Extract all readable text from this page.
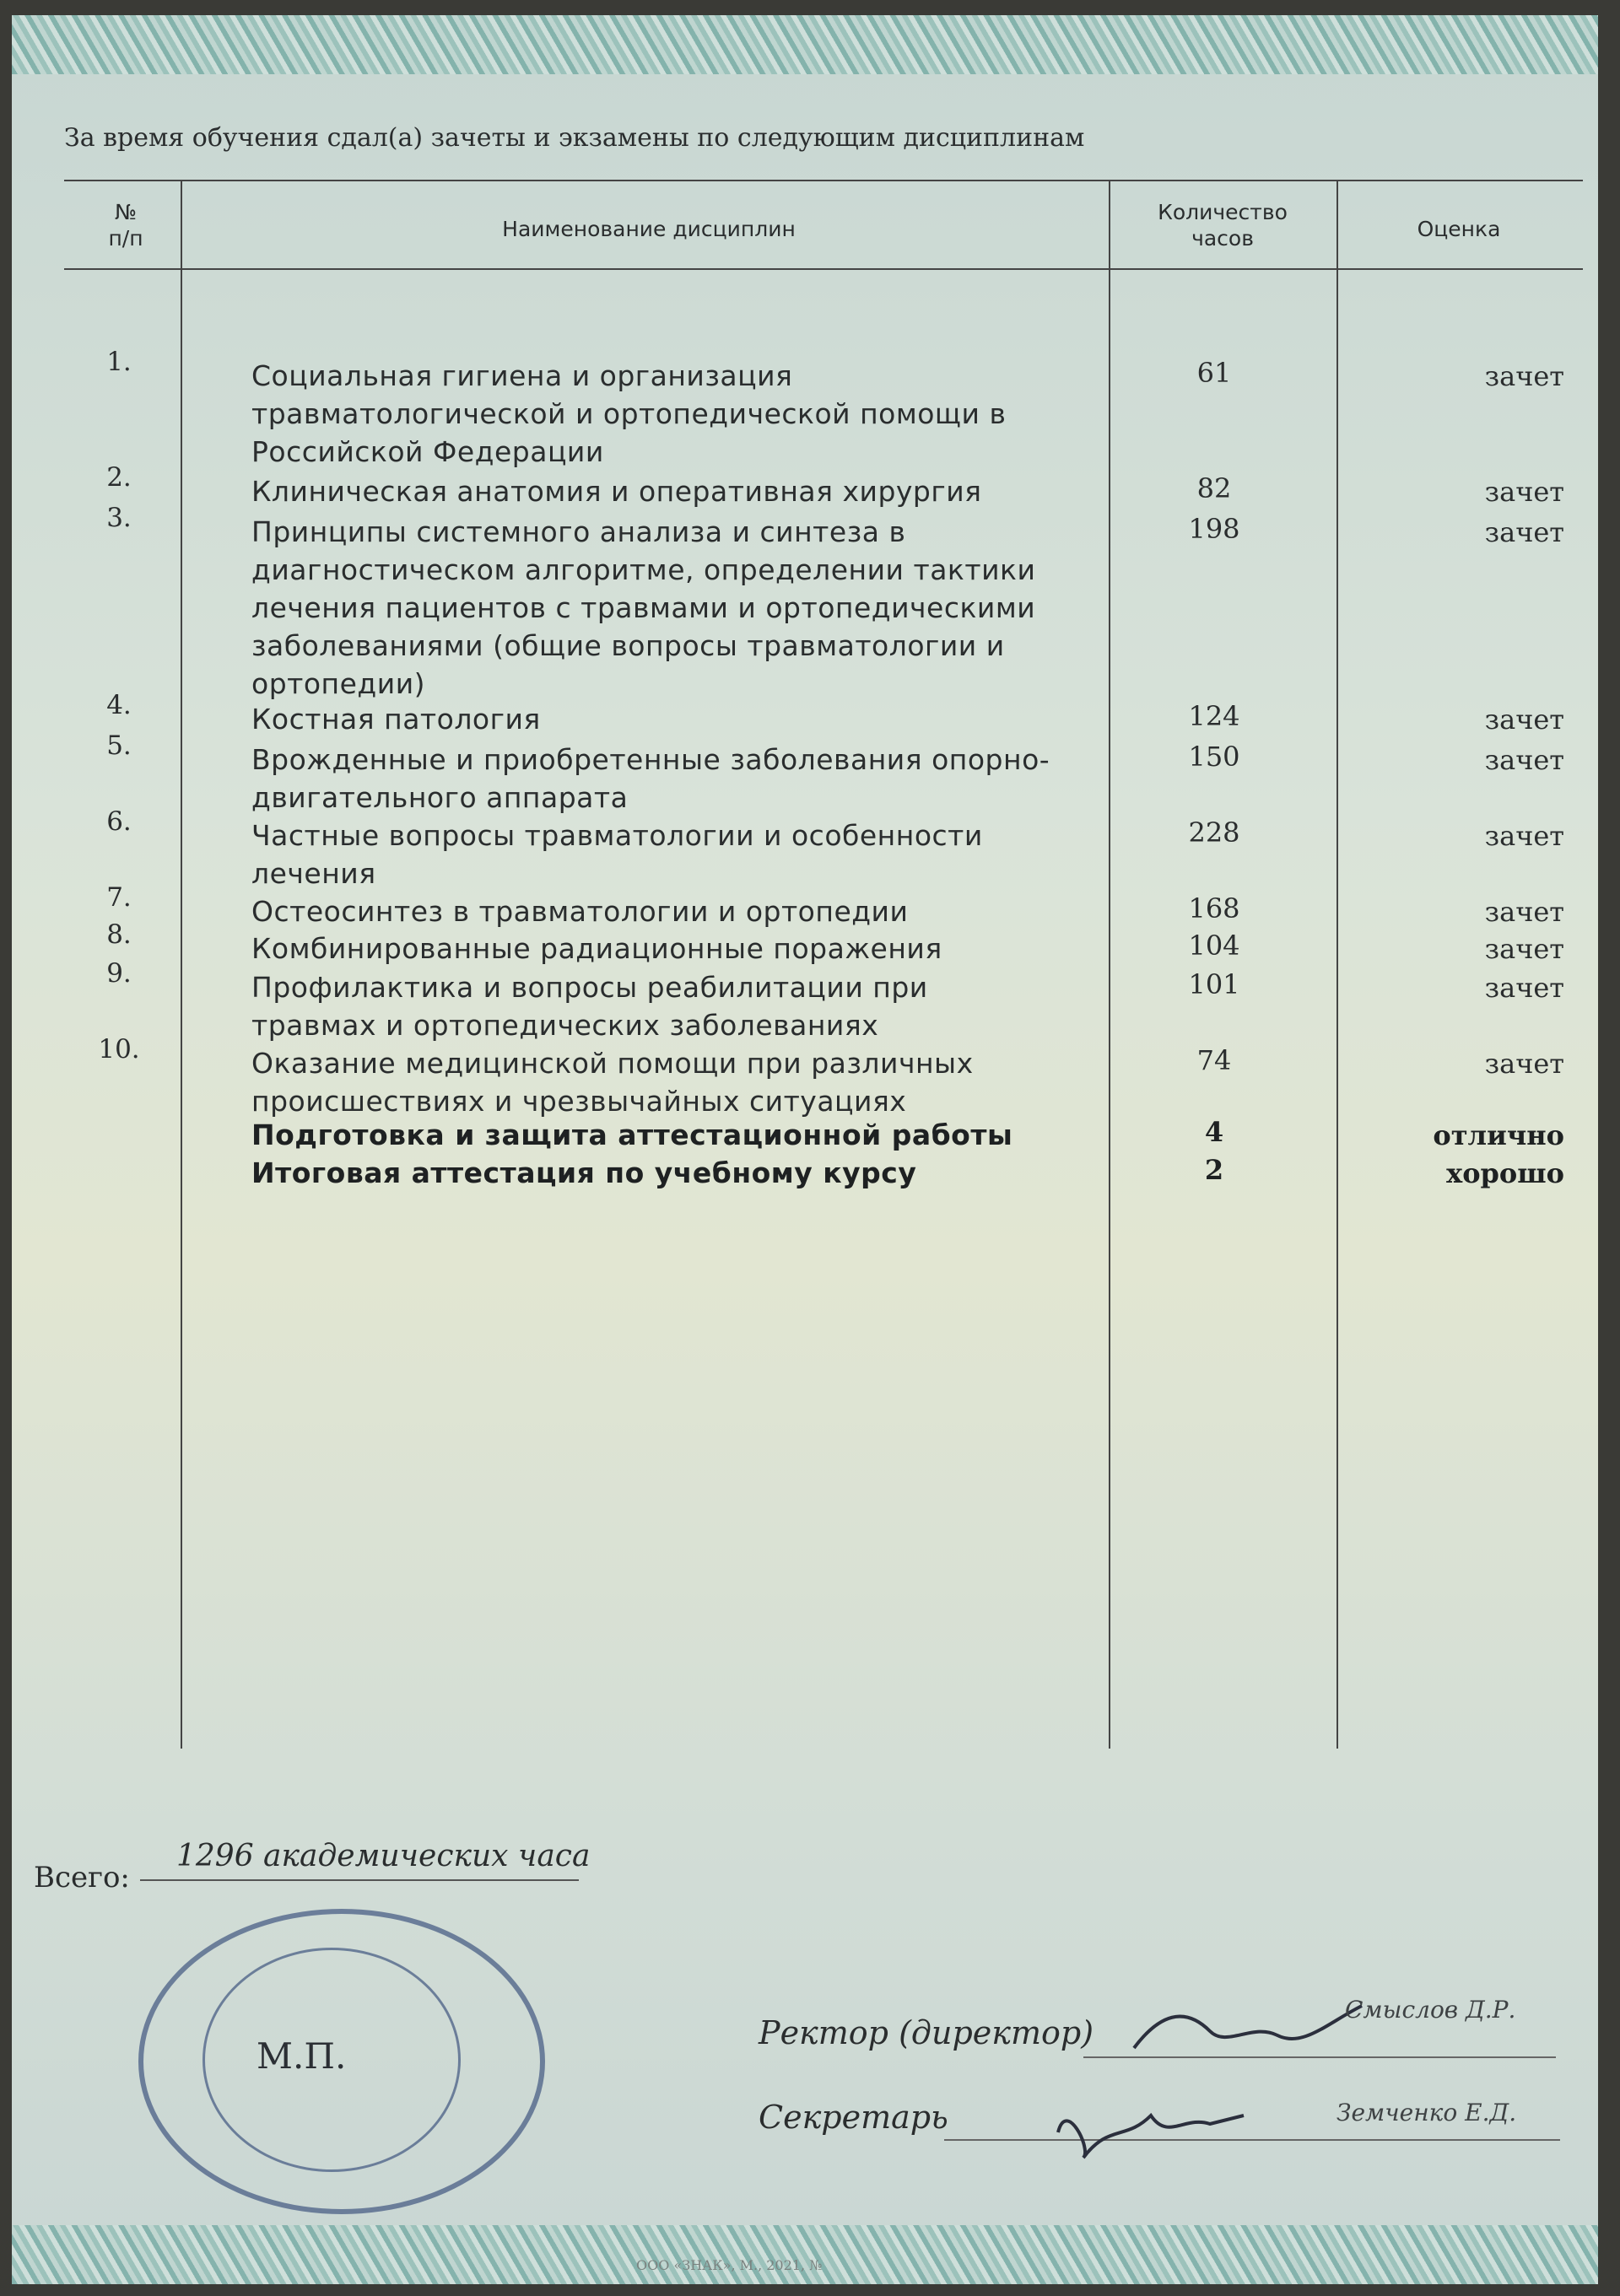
За время обучения сдал(а) зачеты и экзамены по следующим дисциплинам
№
п/п	Наименование дисциплин
Количество
часов	Оценка
1.	Социальная гигиена и организация
травматологической и ортопедической помощи в
Российской Федерации
61	зачет
2.	Клиническая анатомия и оперативная хирургия	82	зачет
3.	Принципы системного анализа и синтеза в
диагностическом алгоритме, определении тактики
лечения пациентов с травмами и ортопедическими
заболеваниями (общие вопросы травматологии и
ортопедии)
198	зачет
4.	Костная патология	124	зачет
5.	Врожденные и приобретенные заболевания опорно-
двигательного аппарата
150	зачет
6.	Частные вопросы травматологии и особенности
лечения
228	зачет
7.	Остеосинтез в травматологии и ортопедии	168	зачет
8.	Комбинированные радиационные поражения	104	зачет
9.	Профилактика и вопросы реабилитации при
травмах и ортопедических заболеваниях
101	зачет
10.	Оказание медицинской помощи при различных
происшествиях и чрезвычайных ситуациях
74	зачет
Подготовка и защита аттестационной работы	4	отлично
Итоговая аттестация по учебному курсу	2	хорошо
Всего:
1296 академических часа
М.П.
Ректор (директор)
Смыслов Д.Р.
Секретарь	Земченко Е.Д.
ООО «ЗНАК», М., 2021, №
